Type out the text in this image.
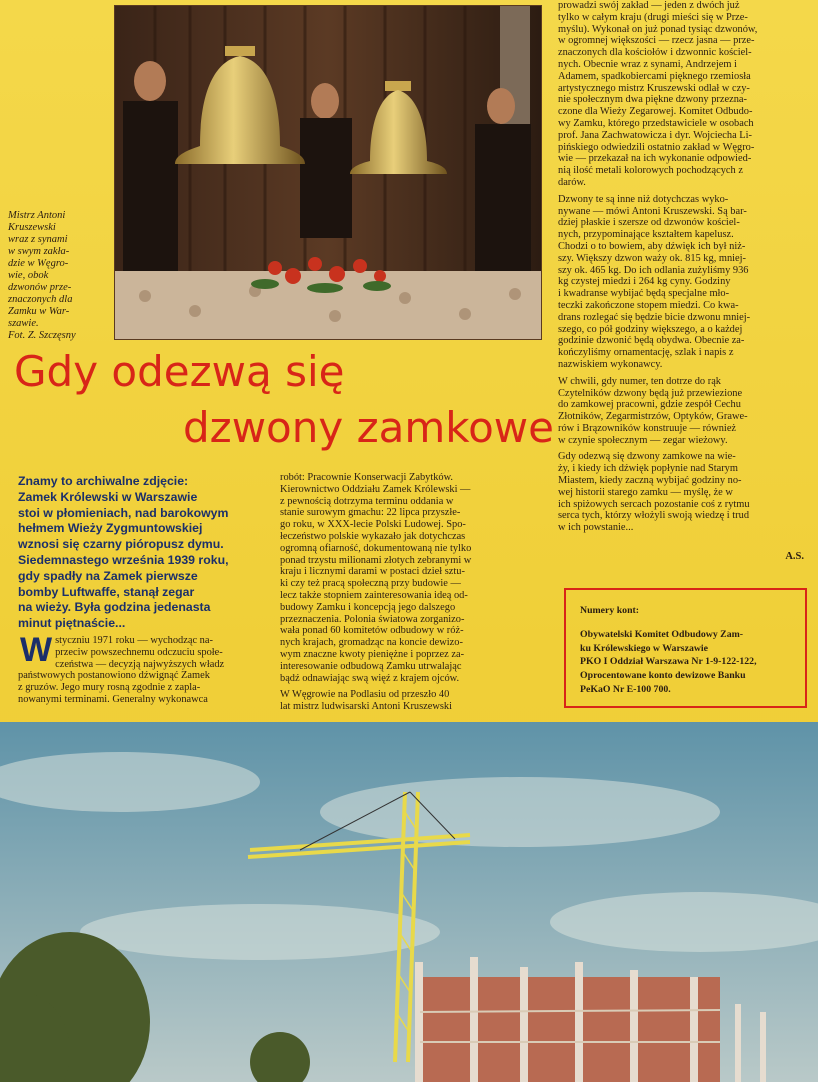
Mistrz Antoni
Kruszewski
wraz z synami
w swym zakła-
dzie w Węgro-
wie, obok
dzwonów prze-
znaczonych dla
Zamku w War-
szawie.
Fot. Z. Szczęsny
Gdy odezwą się
dzwony zamkowe
Znamy to archiwalne zdjęcie:
Zamek Królewski w Warszawie
stoi w płomieniach, nad barokowym
hełmem Wieży Zygmuntowskiej
wznosi się czarny pióropusz dymu.
Siedemnastego września 1939 roku,
gdy spadły na Zamek pierwsze
bomby Luftwaffe, stanął zegar
na wieży. Była godzina jedenasta
minut piętnaście...
W styczniu 1971 roku — wychodząc na-
przeciw powszechnemu odczuciu społe-
czeństwa — decyzją najwyższych władz
państwowych postanowiono dźwignąć Zamek
z gruzów. Jego mury rosną zgodnie z zapla-
nowanymi terminami. Generalny wykonawca
robót: Pracownie Konserwacji Zabytków.
Kierownictwo Oddziału Zamek Królewski —
z pewnością dotrzyma terminu oddania w
stanie surowym gmachu: 22 lipca przyszłe-
go roku, w XXX-lecie Polski Ludowej. Spo-
łeczeństwo polskie wykazało jak dotychczas
ogromną ofiarność, dokumentowaną nie tylko
ponad trzystu milionami złotych zebranymi w
kraju i licznymi darami w postaci dzieł sztu-
ki czy też pracą społeczną przy budowie —
lecz także stopniem zainteresowania ideą od-
budowy Zamku i koncepcją jego dalszego
przeznaczenia. Polonia światowa zorganizo-
wała ponad 60 komitetów odbudowy w róż-
nych krajach, gromadząc na koncie dewizo-
wym znaczne kwoty pieniężne i poprzez za-
interesowanie odbudową Zamku utrwalając
bądź odnawiając swą więź z krajem ojców.
W Węgrowie na Podlasiu od przeszło 40
lat mistrz ludwisarski Antoni Kruszewski
prowadzi swój zakład — jeden z dwóch już
tylko w całym kraju (drugi mieści się w Prze-
myślu). Wykonał on już ponad tysiąc dzwonów,
w ogromnej większości — rzecz jasna — prze-
znaczonych dla kościołów i dzwonnic kościel-
nych. Obecnie wraz z synami, Andrzejem i
Adamem, spadkobiercami pięknego rzemiosła
artystycznego mistrz Kruszewski odlał w czy-
nie społecznym dwa piękne dzwony przezna-
czone dla Wieży Zegarowej. Komitet Odbudo-
wy Zamku, którego przedstawiciele w osobach
prof. Jana Zachwatowicza i dyr. Wojciecha Li-
pińskiego odwiedzili ostatnio zakład w Węgro-
wie — przekazał na ich wykonanie odpowied-
nią ilość metali kolorowych pochodzących z
darów.
Dzwony te są inne niż dotychczas wyko-
nywane — mówi Antoni Kruszewski. Są bar-
dziej płaskie i szersze od dzwonów kościel-
nych, przypominające kształtem kapelusz.
Chodzi o to bowiem, aby dźwięk ich był niż-
szy. Większy dzwon waży ok. 815 kg, mniej-
szy ok. 465 kg. Do ich odlania zużyliśmy 936
kg czystej miedzi i 264 kg cyny. Godziny
i kwadranse wybijać będą specjalne mło-
teczki zakończone stopem miedzi. Co kwa-
drans rozlegać się będzie bicie dzwonu mniej-
szego, co pół godziny większego, a o każdej
godzinie dzwonić będą obydwa. Obecnie za-
kończyliśmy ornamentację, szlak i napis z
nazwiskiem wykonawcy.
W chwili, gdy numer, ten dotrze do rąk
Czytelników dzwony będą już przewiezione
do zamkowej pracowni, gdzie zespół Cechu
Złotników, Zegarmistrzów, Optyków, Grawe-
rów i Brązowników konstruuje — również
w czynie społecznym — zegar wieżowy.
Gdy odezwą się dzwony zamkowe na wie-
ży, i kiedy ich dźwięk popłynie nad Starym
Miastem, kiedy zaczną wybijać godziny no-
wej historii starego zamku — myślę, że w
ich spiżowych sercach pozostanie coś z rytmu
serca tych, którzy włożyli swoją wiedzę i trud
w ich powstanie...
A.S.
Numery kont:
Obywatelski Komitet Odbudowy Zam-
ku Królewskiego w Warszawie
PKO I Oddział Warszawa Nr 1-9-122-122,
Oprocentowane konto dewizowe Banku
PeKaO Nr E-100 700.
